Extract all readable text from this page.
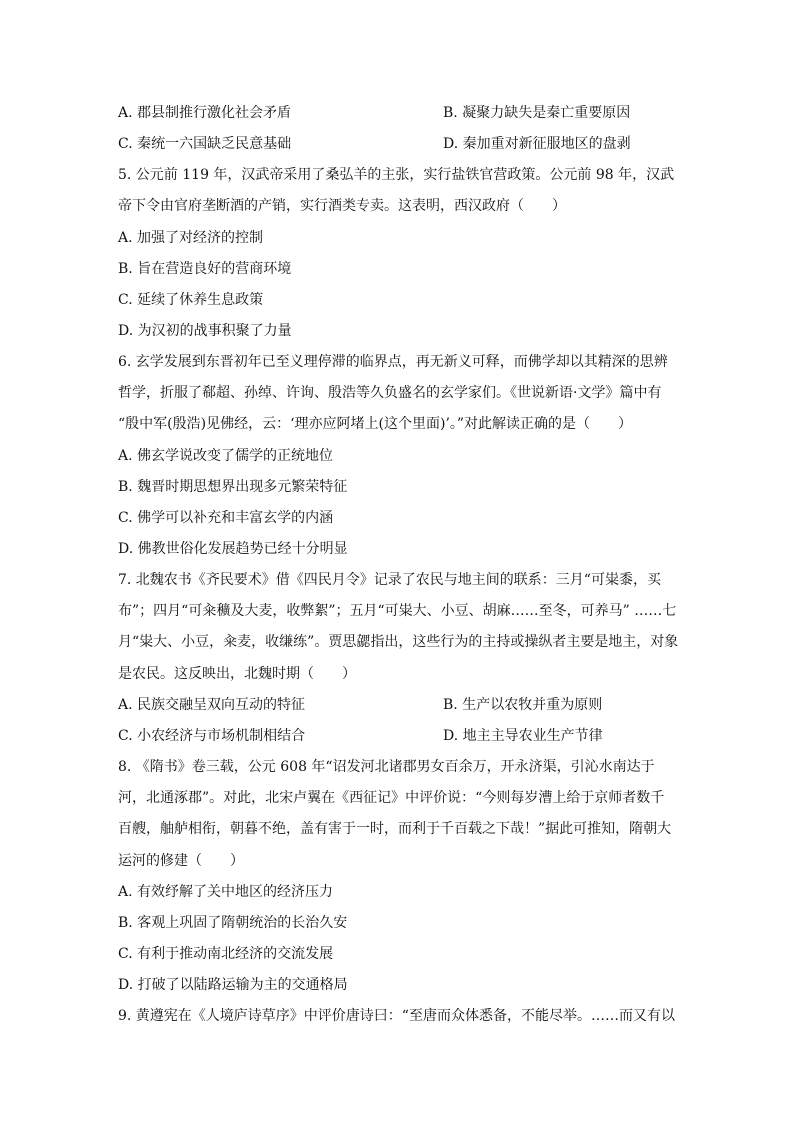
A. 郡县制推行激化社会矛盾	B. 凝聚力缺失是秦亡重要原因
C. 秦统一六国缺乏民意基础	D. 秦加重对新征服地区的盘剥
5. 公元前 119 年，汉武帝采用了桑弘羊的主张，实行盐铁官营政策。公元前 98 年，汉武
帝下令由官府垄断酒的产销，实行酒类专卖。这表明，西汉政府（　　）
A. 加强了对经济的控制
B. 旨在营造良好的营商环境
C. 延续了休养生息政策
D. 为汉初的战事积聚了力量
6. 玄学发展到东晋初年已至义理停滞的临界点，再无新义可释，而佛学却以其精深的思辨
哲学，折服了郗超、孙绰、许询、殷浩等久负盛名的玄学家们。《世说新语·文学》篇中有
“殷中军(殷浩)见佛经，云：‘理亦应阿堵上(这个里面)’。”对此解读正确的是（　　）
A. 佛玄学说改变了儒学的正统地位
B. 魏晋时期思想界出现多元繁荣特征
C. 佛学可以补充和丰富玄学的内涵
D. 佛教世俗化发展趋势已经十分明显
7. 北魏农书《齐民要术》借《四民月令》记录了农民与地主间的联系：三月“可粜黍，买
布”；四月“可籴穬及大麦，收弊絮”；五月“可粜大、小豆、胡麻……至冬，可养马” ……七
月“粜大、小豆，籴麦，收缣练”。贾思勰指出，这些行为的主持或操纵者主要是地主，对象
是农民。这反映出，北魏时期（　　）
A. 民族交融呈双向互动的特征	B. 生产以农牧并重为原则
C. 小农经济与市场机制相结合	D. 地主主导农业生产节律
8. 《隋书》卷三载，公元 608 年“诏发河北诸郡男女百余万，开永济渠，引沁水南达于
河，北通涿郡”。对此，北宋卢翼在《西征记》中评价说：“今则每岁漕上给于京师者数千
百艘，舳舻相衔，朝暮不绝，盖有害于一时，而利于千百载之下哉！”据此可推知，隋朝大
运河的修建（　　）
A. 有效纾解了关中地区的经济压力
B. 客观上巩固了隋朝统治的长治久安
C. 有利于推动南北经济的交流发展
D. 打破了以陆路运输为主的交通格局
9. 黄遵宪在《人境庐诗草序》中评价唐诗曰：“至唐而众体悉备，不能尽举。……而又有以
